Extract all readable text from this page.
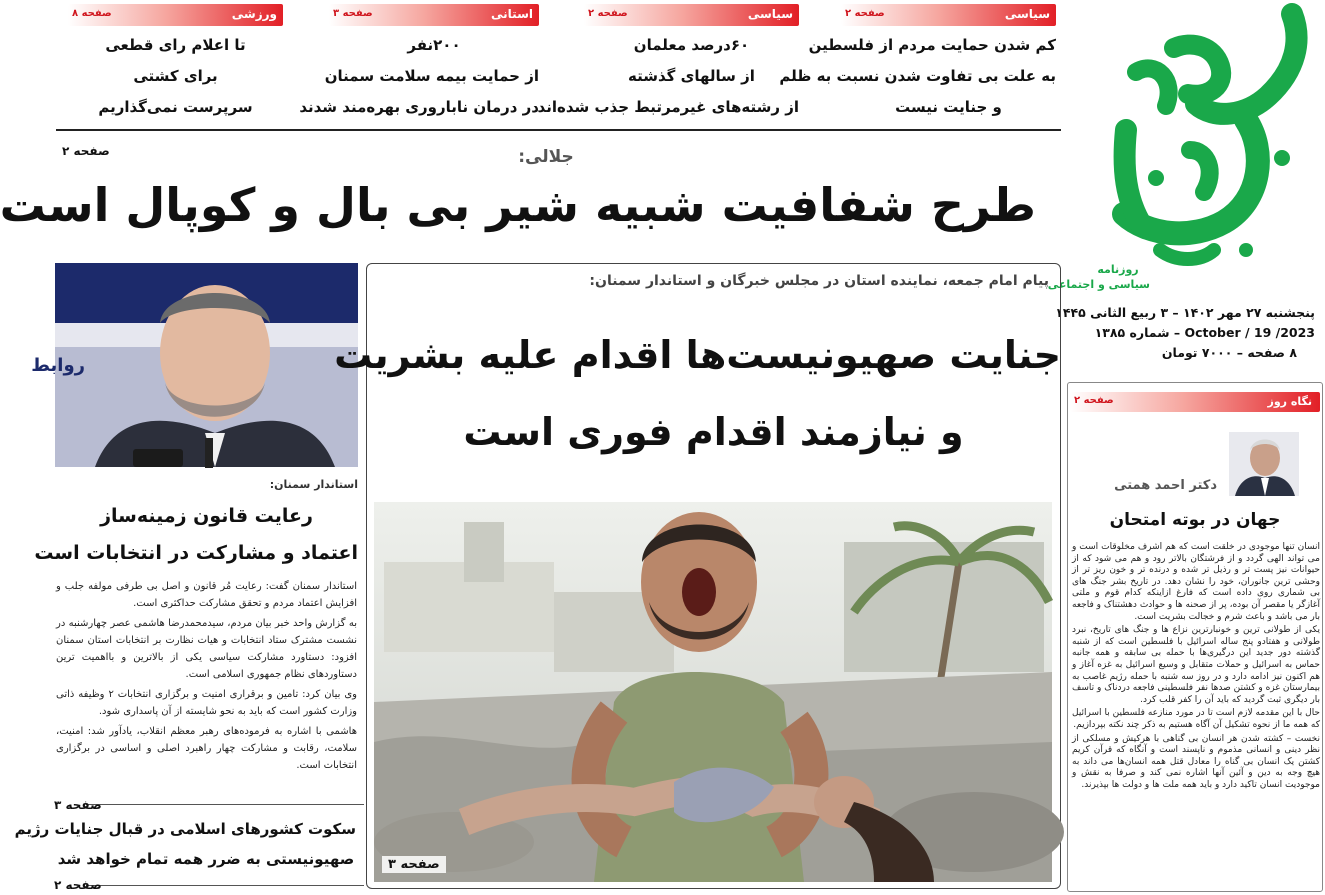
روزنامه
سیاسی و اجتماعی
پنجشنبه ۲۷ مهر ۱۴۰۲ – ۳ ربیع الثانی ۱۴۴۵
October / 19 /2023 – شماره ۱۳۸۵
۸ صفحه – ۷۰۰۰ تومان
سیاسی
صفحه ۲
کم شدن حمایت مردم از فلسطین
به علت بی تفاوت شدن نسبت به ظلم
و جنایت نیست
سیاسی
صفحه ۲
۶۰درصد معلمان
از سالهای گذشته
از رشته‌های غیرمرتبط جذب شده‌اند
استانی
صفحه ۳
۲۰۰نفر
از حمایت بیمه سلامت سمنان
در درمان ناباروری بهره‌مند شدند
ورزشی
صفحه ۸
تا اعلام رای قطعی
برای کشتی
سرپرست نمی‌گذاریم
جلالی:
صفحه ۲
طرح شفافیت شبیه شیر بی بال و کوپال است
روابط
استاندار سمنان:
رعایت قانون زمینه‌ساز
اعتماد و مشارکت در انتخابات است

استاندار سمنان گفت: رعایت مُر قانون و اصل بی طرفی مولفه جلب و افزایش اعتماد مردم و تحقق مشارکت حداکثری است.

به گزارش واحد خبر بیان مردم، سیدمحمدرضا هاشمی عصر چهارشنبه در نشست مشترک ستاد انتخابات و هیات نظارت بر انتخابات استان سمنان افزود: دستاورد مشارکت سیاسی یکی از بالاترین و بااهمیت ترین دستاوردهای نظام جمهوری اسلامی است.

وی بیان کرد: تامین و برقراری امنیت و برگزاری انتخابات ۲ وظیفه ذاتی وزارت کشور است که باید به نحو شایسته از آن پاسداری شود.

هاشمی با اشاره به فرموده‌های رهبر معظم انقلاب، یادآور شد: امنیت، سلامت، رقابت و مشارکت چهار راهبرد اصلی و اساسی در برگزاری انتخابات است.

صفحه ۳
سکوت کشورهای اسلامی در قبال جنایات رژیم
صهیونیستی به ضرر همه تمام خواهد شد
صفحه ۲
پیام امام جمعه، نماینده استان در مجلس خبرگان و استاندار سمنان:
جنایت صهیونیست‌ها اقدام علیه بشریت
و نیازمند اقدام فوری است
صفحه ۳
نگاه روز
صفحه ۲
دکتر احمد همتی
جهان در بوته امتحان

انسان تنها موجودی در خلقت است که هم اشرف مخلوقات است و می تواند الهی گردد و از فرشتگان بالاتر رود و هم می شود که از حیوانات نیز پست تر و رذیل تر شده و درنده تر و خون ریز تر از وحشی ترین جانوران، خود را نشان دهد. در تاریخ بشر جنگ های بی شماری روی داده است که فارغ ازاینکه کدام قوم و ملتی آغازگر یا مقصر آن بوده، پر از صحنه ها و حوادث دهشتناک و فاجعه بار می باشد و باعث شرم و خجالت بشریت است.

یکی از طولانی ترین و خونبارترین نزاع ها و جنگ های تاریخ، نبرد طولانی و هفتادو پنج ساله اسرائیل با فلسطین است که از شنبه گذشته دور جدید این درگیری‌ها با حمله بی سابقه و همه جانبه حماس به اسرائیل و حملات متقابل و وسیع اسرائیل به غزه آغاز و هم اکنون نیز ادامه دارد و در روز سه شنبه با حمله رژیم غاصب به بیمارستان غزه و کشتن صدها نفر فلسطینی فاجعه دردناک و تاسف بار دیگری ثبت گردید که باید آن را کفر قلب کرد.

حال با این مقدمه لازم است تا در مورد منازعه فلسطین با اسرائیل که همه ما از نحوه تشکیل آن آگاه هستیم به ذکر چند نکته بپردازیم.

نخست – کشته شدن هر انسان بی گناهی با هرکیش و مسلکی از نظر دینی و انسانی مذموم و ناپسند است و آنگاه که قرآن کریم کشتن یک انسان بی گناه را معادل قتل همه انسان‌ها می داند به هیچ وجه به دین و آئین آنها اشاره نمی کند و صرفا به نقش و موجودیت انسان تاکید دارد و باید همه ملت ها و دولت ها بپذیرند.
